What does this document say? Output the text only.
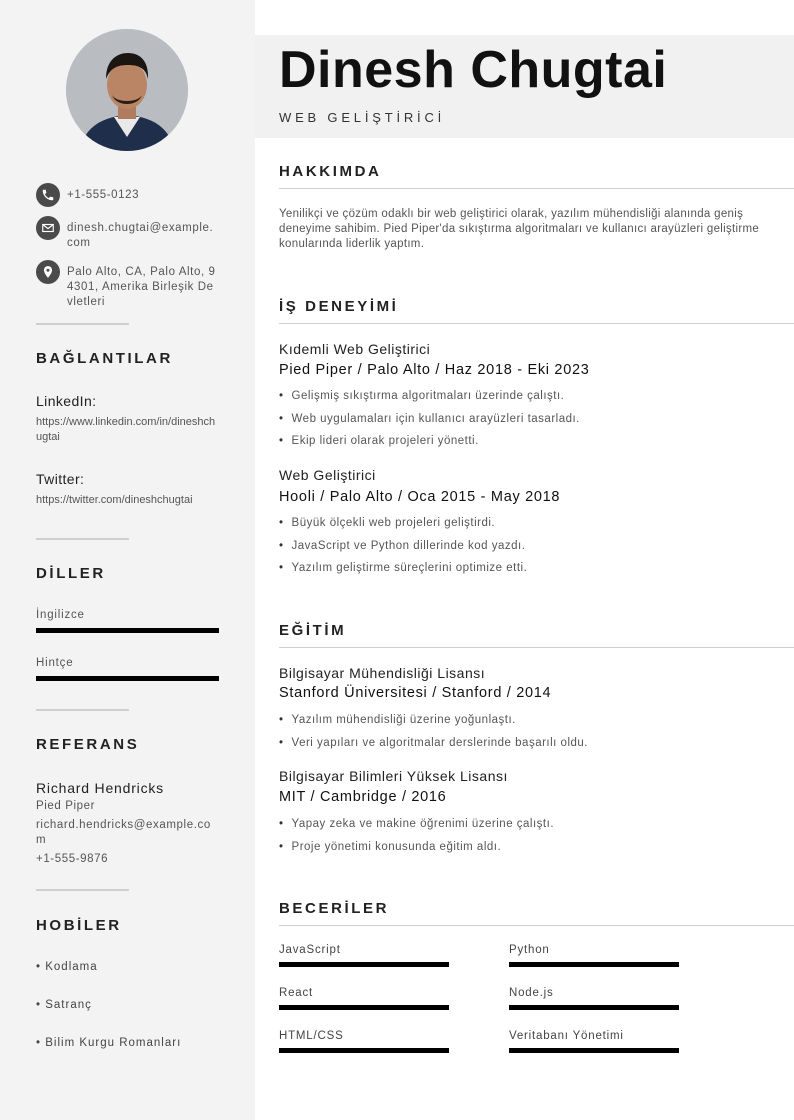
+1-555-0123
dinesh.chugtai@example.com
Palo Alto, CA, Palo Alto, 94301, Amerika Birleşik Devletleri
BAĞLANTILAR
LinkedIn:
https://www.linkedin.com/in/dineshchugtai
Twitter:
https://twitter.com/dineshchugtai
DİLLER
İngilizce
Hintçe
REFERANS
Richard Hendricks
Pied Piper
richard.hendricks@example.com
+1-555-9876
HOBİLER
• Kodlama
• Satranç
• Bilim Kurgu Romanları
Dinesh Chugtai
WEB GELİŞTİRİCİ
HAKKIMDA
Yenilikçi ve çözüm odaklı bir web geliştirici olarak, yazılım mühendisliği alanında geniş deneyime sahibim. Pied Piper'da sıkıştırma algoritmaları ve kullanıcı arayüzleri geliştirme konularında liderlik yaptım.
İŞ DENEYİMİ
Kıdemli Web Geliştirici
Pied Piper / Palo Alto / Haz 2018 - Eki 2023
• Gelişmiş sıkıştırma algoritmaları üzerinde çalıştı.
• Web uygulamaları için kullanıcı arayüzleri tasarladı.
• Ekip lideri olarak projeleri yönetti.
Web Geliştirici
Hooli / Palo Alto / Oca 2015 - May 2018
• Büyük ölçekli web projeleri geliştirdi.
• JavaScript ve Python dillerinde kod yazdı.
• Yazılım geliştirme süreçlerini optimize etti.
EĞİTİM
Bilgisayar Mühendisliği Lisansı
Stanford Üniversitesi / Stanford / 2014
• Yazılım mühendisliği üzerine yoğunlaştı.
• Veri yapıları ve algoritmalar derslerinde başarılı oldu.
Bilgisayar Bilimleri Yüksek Lisansı
MIT / Cambridge / 2016
• Yapay zeka ve makine öğrenimi üzerine çalıştı.
• Proje yönetimi konusunda eğitim aldı.
BECERİLER
JavaScript	Python
React	Node.js
HTML/CSS	Veritabanı Yönetimi
